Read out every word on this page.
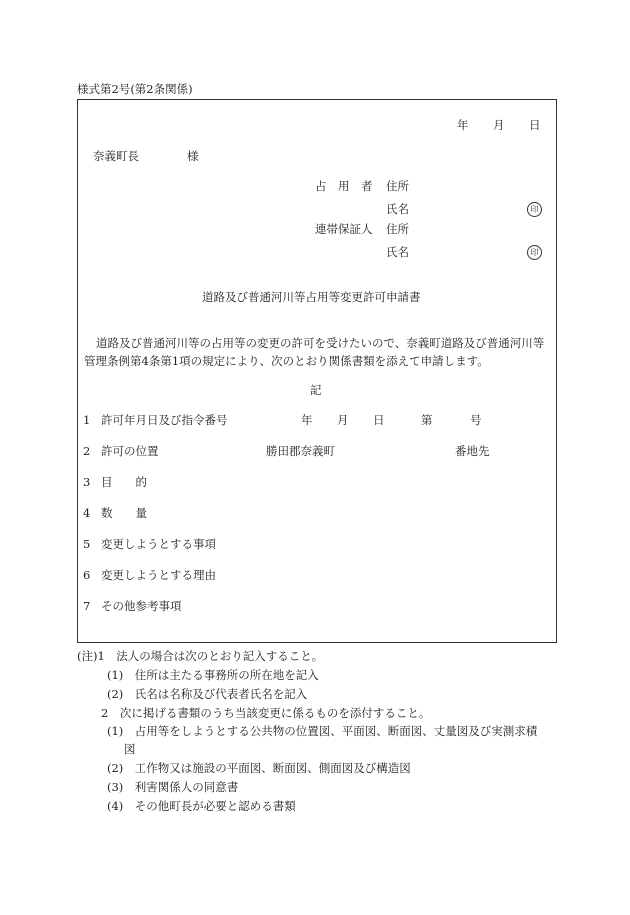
様式第2号(第2条関係)
年 月 日
奈義町長	様
占　用　者 住所
氏名	印
連帯保証人 住所
氏名	印
道路及び普通河川等占用等変更許可申請書
道路及び普通河川等の占用等の変更の許可を受けたいので、奈義町道路及び普通河川等
管理条例第4条第1項の規定により、次のとおり関係書類を添えて申請します。
記
1 許可年月日及び指令番号	年 月 日	第	号
2 許可の位置	勝田郡奈義町	番地先
3 目　　的
4 数　　量
5 変更しようとする事項
6 変更しようとする理由
7 その他参考事項
(注)1　法人の場合は次のとおり記入すること。
(1)　住所は主たる事務所の所在地を記入
(2)　氏名は名称及び代表者氏名を記入
2　次に掲げる書類のうち当該変更に係るものを添付すること。
(1)　占用等をしようとする公共物の位置図、平面図、断面図、丈量図及び実測求積
図
(2)　工作物又は施設の平面図、断面図、側面図及び構造図
(3)　利害関係人の同意書
(4)　その他町長が必要と認める書類
